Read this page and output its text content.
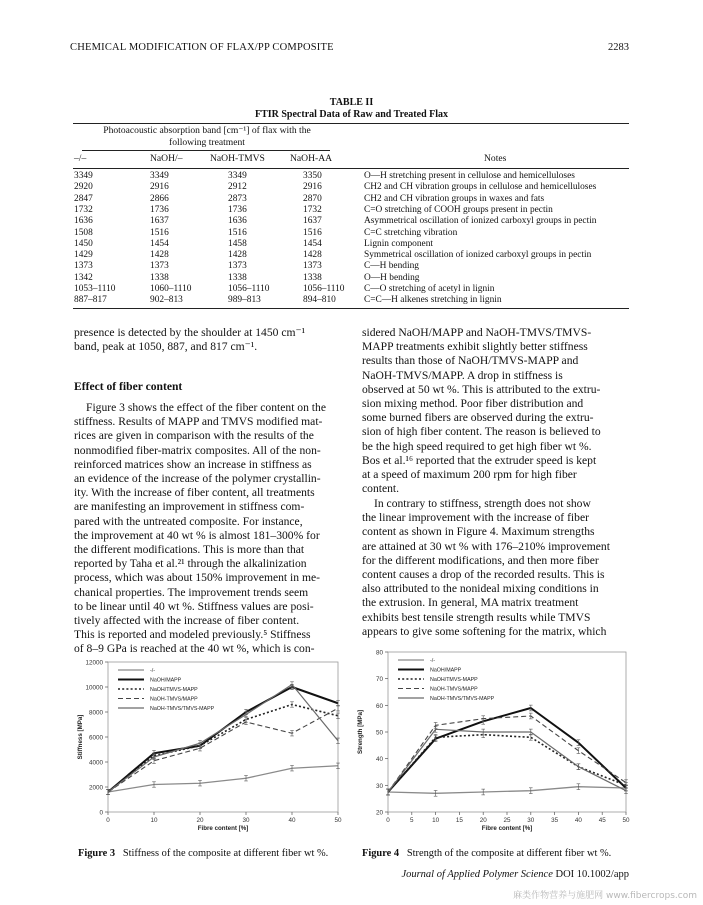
CHEMICAL MODIFICATION OF FLAX/PP COMPOSITE	2283
TABLE II
FTIR Spectral Data of Raw and Treated Flax
Photoacoustic absorption band [cm⁻¹] of flax with the
following treatment
–/–	NaOH/–	NaOH-TMVS	NaOH-AA	Notes
3349	3349	3349	3350	O—H stretching present in cellulose and hemicelluloses
2920	2916	2912	2916	CH2 and CH vibration groups in cellulose and hemicelluloses
2847	2866	2873	2870	CH2 and CH vibration groups in waxes and fats
1732	1736	1736	1732	C=O stretching of COOH groups present in pectin
1636	1637	1636	1637	Asymmetrical oscillation of ionized carboxyl groups in pectin
1508	1516	1516	1516	C=C stretching vibration
1450	1454	1458	1454	Lignin component
1429	1428	1428	1428	Symmetrical oscillation of ionized carboxyl groups in pectin
1373	1373	1373	1373	C—H bending
1342	1338	1338	1338	O—H bending
1053–1110	1060–1110	1056–1110	1056–1110 C—O stretching of acetyl in lignin
887–817	902–813	989–813	894–810	C=C—H alkenes stretching in lignin

presence is detected by the shoulder at 1450 cm⁻¹
band, peak at 1050, 887, and 817 cm⁻¹.

Effect of fiber content

Figure 3 shows the effect of the fiber content on the
stiffness. Results of MAPP and TMVS modified mat-
rices are given in comparison with the results of the
nonmodified fiber-matrix composites. All of the non-
reinforced matrices show an increase in stiffness as
an evidence of the increase of the polymer crystallin-
ity. With the increase of fiber content, all treatments
are manifesting an improvement in stiffness com-
pared with the untreated composite. For instance,
the improvement at 40 wt % is almost 181–300% for
the different modifications. This is more than that
reported by Taha et al.²¹ through the alkalinization
process, which was about 150% improvement in me-
chanical properties. The improvement trends seem
to be linear until 40 wt %. Stiffness values are posi-
tively affected with the increase of fiber content.
This is reported and modeled previously.⁵ Stiffness
of 8–9 GPa is reached at the 40 wt %, which is con-

sidered NaOH/MAPP and NaOH-TMVS/TMVS-
MAPP treatments exhibit slightly better stiffness
results than those of NaOH/TMVS-MAPP and
NaOH-TMVS/MAPP. A drop in stiffness is
observed at 50 wt %. This is attributed to the extru-
sion mixing method. Poor fiber distribution and
some burned fibers are observed during the extru-
sion of high fiber content. The reason is believed to
be the high speed required to get high fiber wt %.
Bos et al.¹⁶ reported that the extruder speed is kept
at a speed of maximum 200 rpm for high fiber
content.

In contrary to stiffness, strength does not show
the linear improvement with the increase of fiber
content as shown in Figure 4. Maximum strengths
are attained at 30 wt % with 176–210% improvement
for the different modifications, and then more fiber
content causes a drop of the recorded results. This is
also attributed to the nonideal mixing conditions in
the extrusion. In general, MA matrix treatment
exhibits best tensile strength results while TMVS
appears to give some softening for the matrix, which

0
2000
4000
6000
8000
10000
12000
0	10	20	30	40	50
Fibre content [%]
Stiffness [MPa]
-/-
NaOH/MAPP
NaOH/TMVS-MAPP
NaOH-TMVS/MAPP
NaOH-TMVS/TMVS-MAPP
Figure 3 Stiffness of the composite at different fiber wt %.
20
30
40
50
60
70
80
0	5	10	15	20	25	30	35	40	45	50
Fibre content [%]
Strength [MPa]
-/-
NaOH/MAPP
NaOH/TMVS-MAPP
NaOH-TMVS/MAPP
NaOH-TMVS/TMVS-MAPP
Figure 4 Strength of the composite at different fiber wt %.
Journal of Applied Polymer Science DOI 10.1002/app
麻类作物营养与施肥网 www.fibercrops.com
